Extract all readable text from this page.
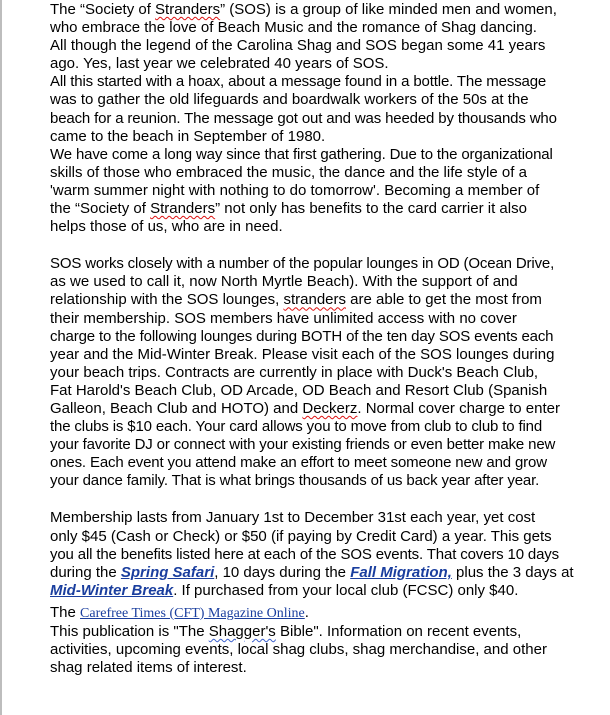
The “Society of Stranders” (SOS) is a group of like minded men and women,
who embrace the love of Beach Music and the romance of Shag dancing.
All though the legend of the Carolina Shag and SOS began some 41 years
ago. Yes, last year we celebrated 40 years of SOS.
All this started with a hoax, about a message found in a bottle. The message
was to gather the old lifeguards and boardwalk workers of the 50s at the
beach for a reunion. The message got out and was heeded by thousands who
came to the beach in September of 1980.
We have come a long way since that first gathering. Due to the organizational
skills of those who embraced the music, the dance and the life style of a
'warm summer night with nothing to do tomorrow'. Becoming a member of
the “Society of Stranders” not only has benefits to the card carrier it also
helps those of us, who are in need.
SOS works closely with a number of the popular lounges in OD (Ocean Drive,
as we used to call it, now North Myrtle Beach). With the support of and
relationship with the SOS lounges, stranders are able to get the most from
their membership. SOS members have unlimited access with no cover
charge to the following lounges during BOTH of the ten day SOS events each
year and the Mid-Winter Break. Please visit each of the SOS lounges during
your beach trips. Contracts are currently in place with Duck's Beach Club,
Fat Harold's Beach Club, OD Arcade, OD Beach and Resort Club (Spanish
Galleon, Beach Club and HOTO) and Deckerz. Normal cover charge to enter
the clubs is $10 each. Your card allows you to move from club to club to find
your favorite DJ or connect with your existing friends or even better make new
ones. Each event you attend make an effort to meet someone new and grow
your dance family. That is what brings thousands of us back year after year.
Membership lasts from January 1st to December 31st each year, yet cost
only $45 (Cash or Check) or $50 (if paying by Credit Card) a year. This gets
you all the benefits listed here at each of the SOS events. That covers 10 days
during the Spring Safari, 10 days during the Fall Migration, plus the 3 days at
Mid-Winter Break. If purchased from your local club (FCSC) only $40.
The Carefree Times (CFT) Magazine Online.
This publication is "The Shagger's Bible". Information on recent events,
activities, upcoming events, local shag clubs, shag merchandise, and other
shag related items of interest.
